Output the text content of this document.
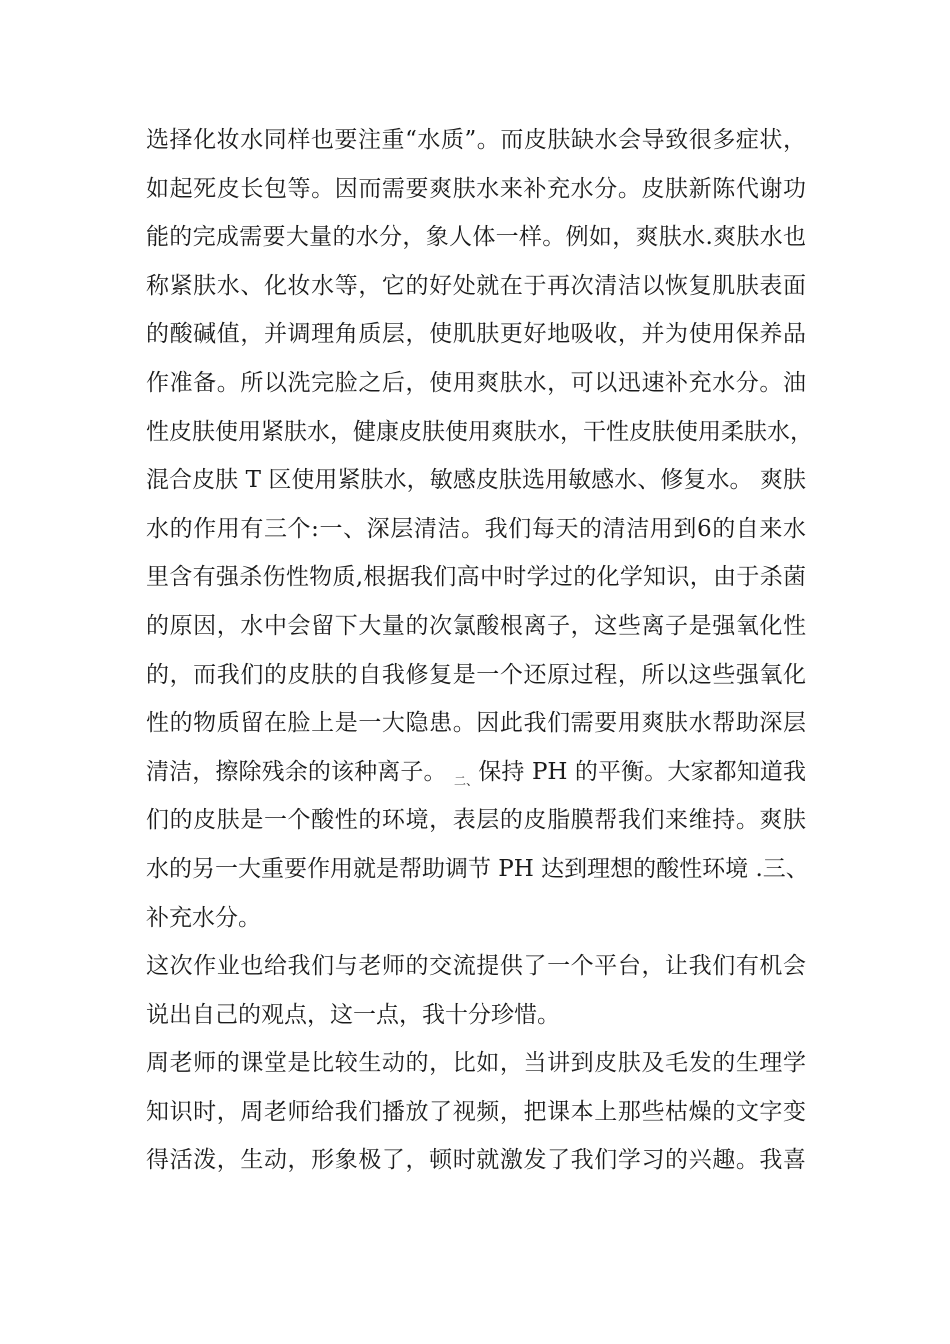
选择化妆水同样也要注重“水质”。而皮肤缺水会导致很多症状，
如起死皮长包等。因而需要爽肤水来补充水分。皮肤新陈代谢功
能的完成需要大量的水分，象人体一样。例如，爽肤水.爽肤水也
称紧肤水、化妆水等，它的好处就在于再次清洁以恢复肌肤表面
的酸碱值，并调理角质层，使肌肤更好地吸收，并为使用保养品
作准备。所以洗完脸之后，使用爽肤水，可以迅速补充水分。油
性皮肤使用紧肤水，健康皮肤使用爽肤水，干性皮肤使用柔肤水，
混合皮肤 T 区使用紧肤水，敏感皮肤选用敏感水、修复水。 爽肤
水的作用有三个:一、深层清洁。我们每天的清洁用到6的自来水
里含有强杀伤性物质,根据我们高中时学过的化学知识，由于杀菌
的原因，水中会留下大量的次氯酸根离子，这些离子是强氧化性
的，而我们的皮肤的自我修复是一个还原过程，所以这些强氧化
性的物质留在脸上是一大隐患。因此我们需要用爽肤水帮助深层
清洁，擦除残余的该种离子。 $_{二、}$保持 PH 的平衡。大家都知道我
们的皮肤是一个酸性的环境，表层的皮脂膜帮我们来维持。爽肤
水的另一大重要作用就是帮助调节 PH 达到理想的酸性环境 .三、
补充水分。
这次作业也给我们与老师的交流提供了一个平台，让我们有机会
说出自己的观点，这一点，我十分珍惜。
周老师的课堂是比较生动的，比如，当讲到皮肤及毛发的生理学
知识时，周老师给我们播放了视频，把课本上那些枯燥的文字变
得活泼，生动，形象极了，顿时就激发了我们学习的兴趣。我喜
